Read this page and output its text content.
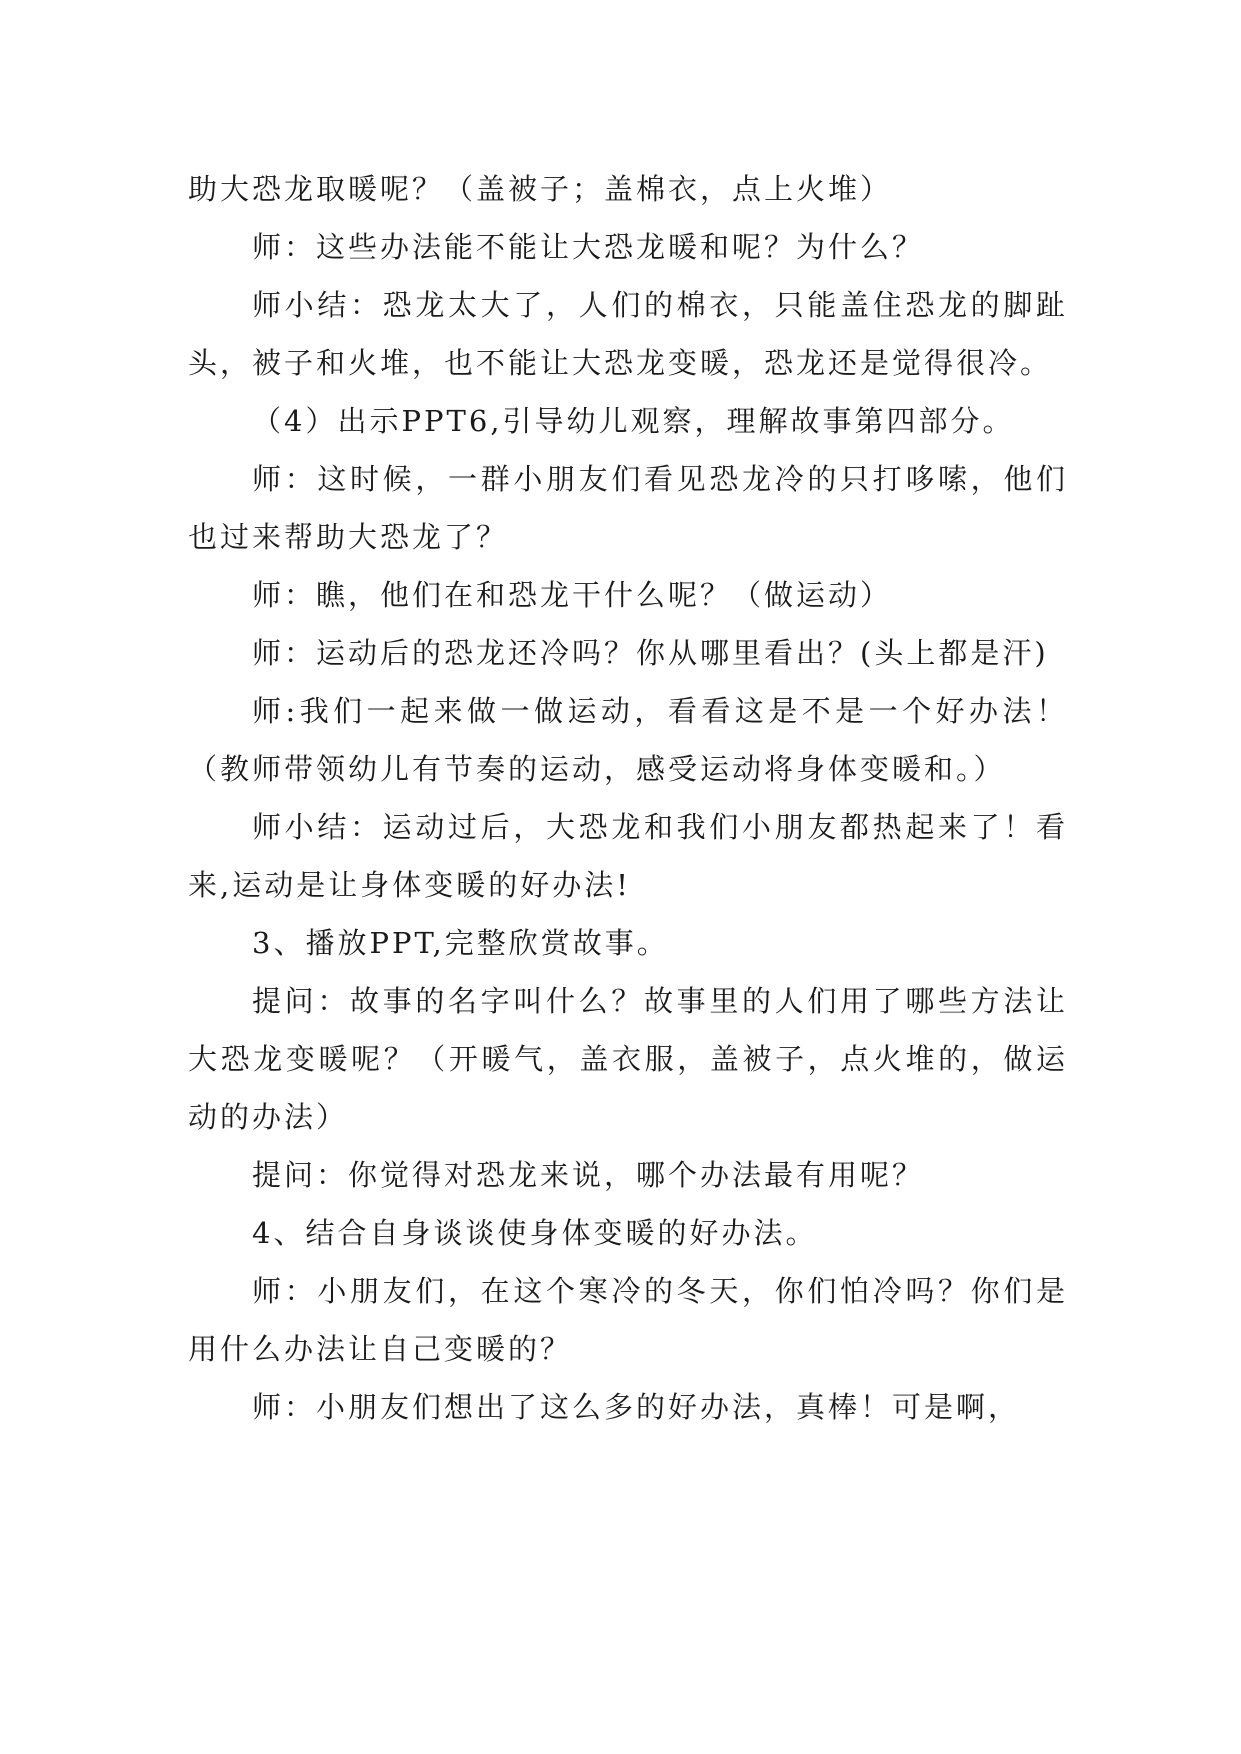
助大恐龙取暖呢？（盖被子；盖棉衣，点上火堆）

师：这些办法能不能让大恐龙暖和呢？为什么？

师小结：恐龙太大了，人们的棉衣，只能盖住恐龙的脚趾头，被子和火堆，也不能让大恐龙变暖，恐龙还是觉得很冷。

（4）出示PPT6,引导幼儿观察，理解故事第四部分。

师：这时候，一群小朋友们看见恐龙冷的只打哆嗦，他们也过来帮助大恐龙了？

师：瞧，他们在和恐龙干什么呢？（做运动）

师：运动后的恐龙还冷吗？你从哪里看出？(头上都是汗)

师:我们一起来做一做运动，看看这是不是一个好办法！（教师带领幼儿有节奏的运动，感受运动将身体变暖和。）

师小结：运动过后，大恐龙和我们小朋友都热起来了！看来,运动是让身体变暖的好办法!

3、播放PPT,完整欣赏故事。

提问：故事的名字叫什么？故事里的人们用了哪些方法让大恐龙变暖呢？（开暖气，盖衣服，盖被子，点火堆的，做运动的办法）

提问：你觉得对恐龙来说，哪个办法最有用呢？

4、结合自身谈谈使身体变暖的好办法。

师：小朋友们，在这个寒冷的冬天，你们怕冷吗？你们是用什么办法让自己变暖的？

师：小朋友们想出了这么多的好办法，真棒！可是啊，
